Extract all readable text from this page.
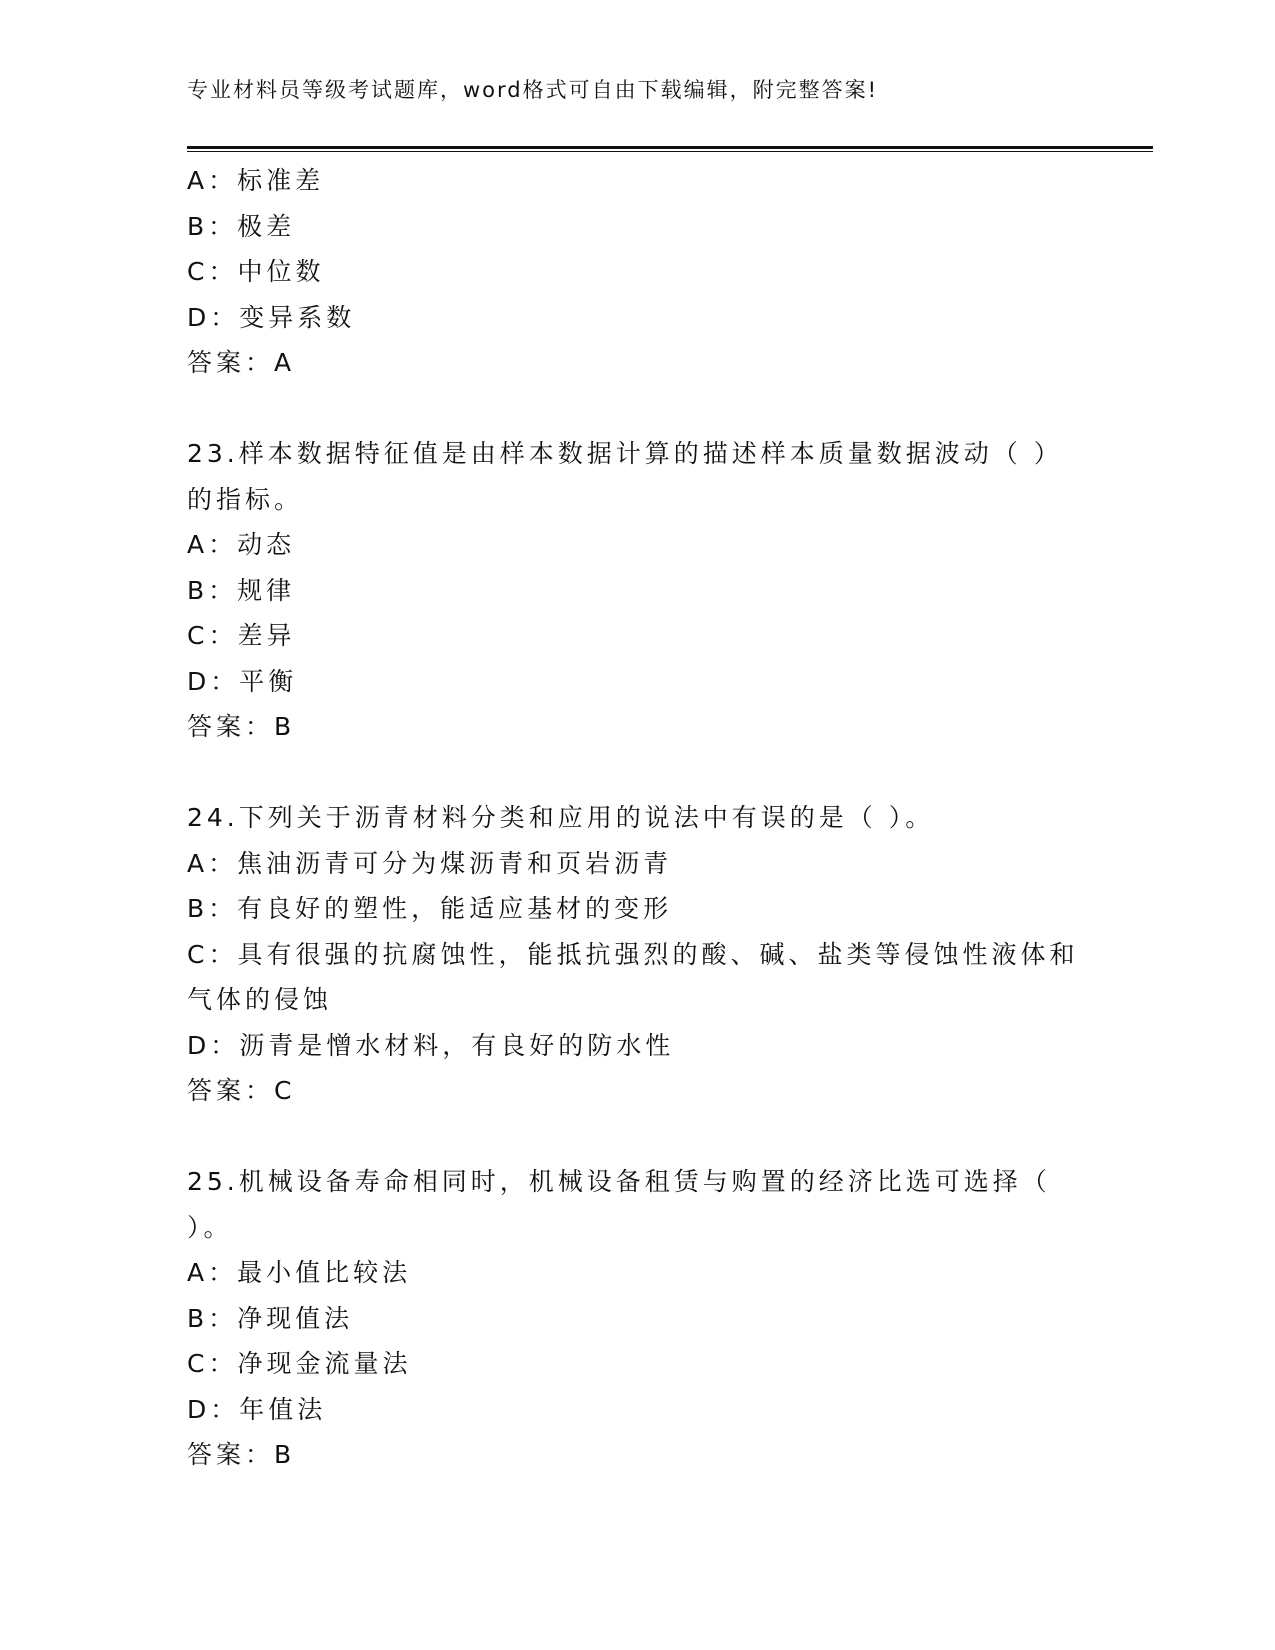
专业材料员等级考试题库，word格式可自由下载编辑，附完整答案!
A：标准差
B：极差
C：中位数
D：变异系数
答案：A
23.样本数据特征值是由样本数据计算的描述样本质量数据波动（ ）
的指标。
A：动态
B：规律
C：差异
D：平衡
答案：B
24.下列关于沥青材料分类和应用的说法中有误的是（ ）。
A：焦油沥青可分为煤沥青和页岩沥青
B：有良好的塑性，能适应基材的变形
C：具有很强的抗腐蚀性，能抵抗强烈的酸、碱、盐类等侵蚀性液体和
气体的侵蚀
D：沥青是憎水材料，有良好的防水性
答案：C
25.机械设备寿命相同时，机械设备租赁与购置的经济比选可选择（
）。
A：最小值比较法
B：净现值法
C：净现金流量法
D：年值法
答案：B
